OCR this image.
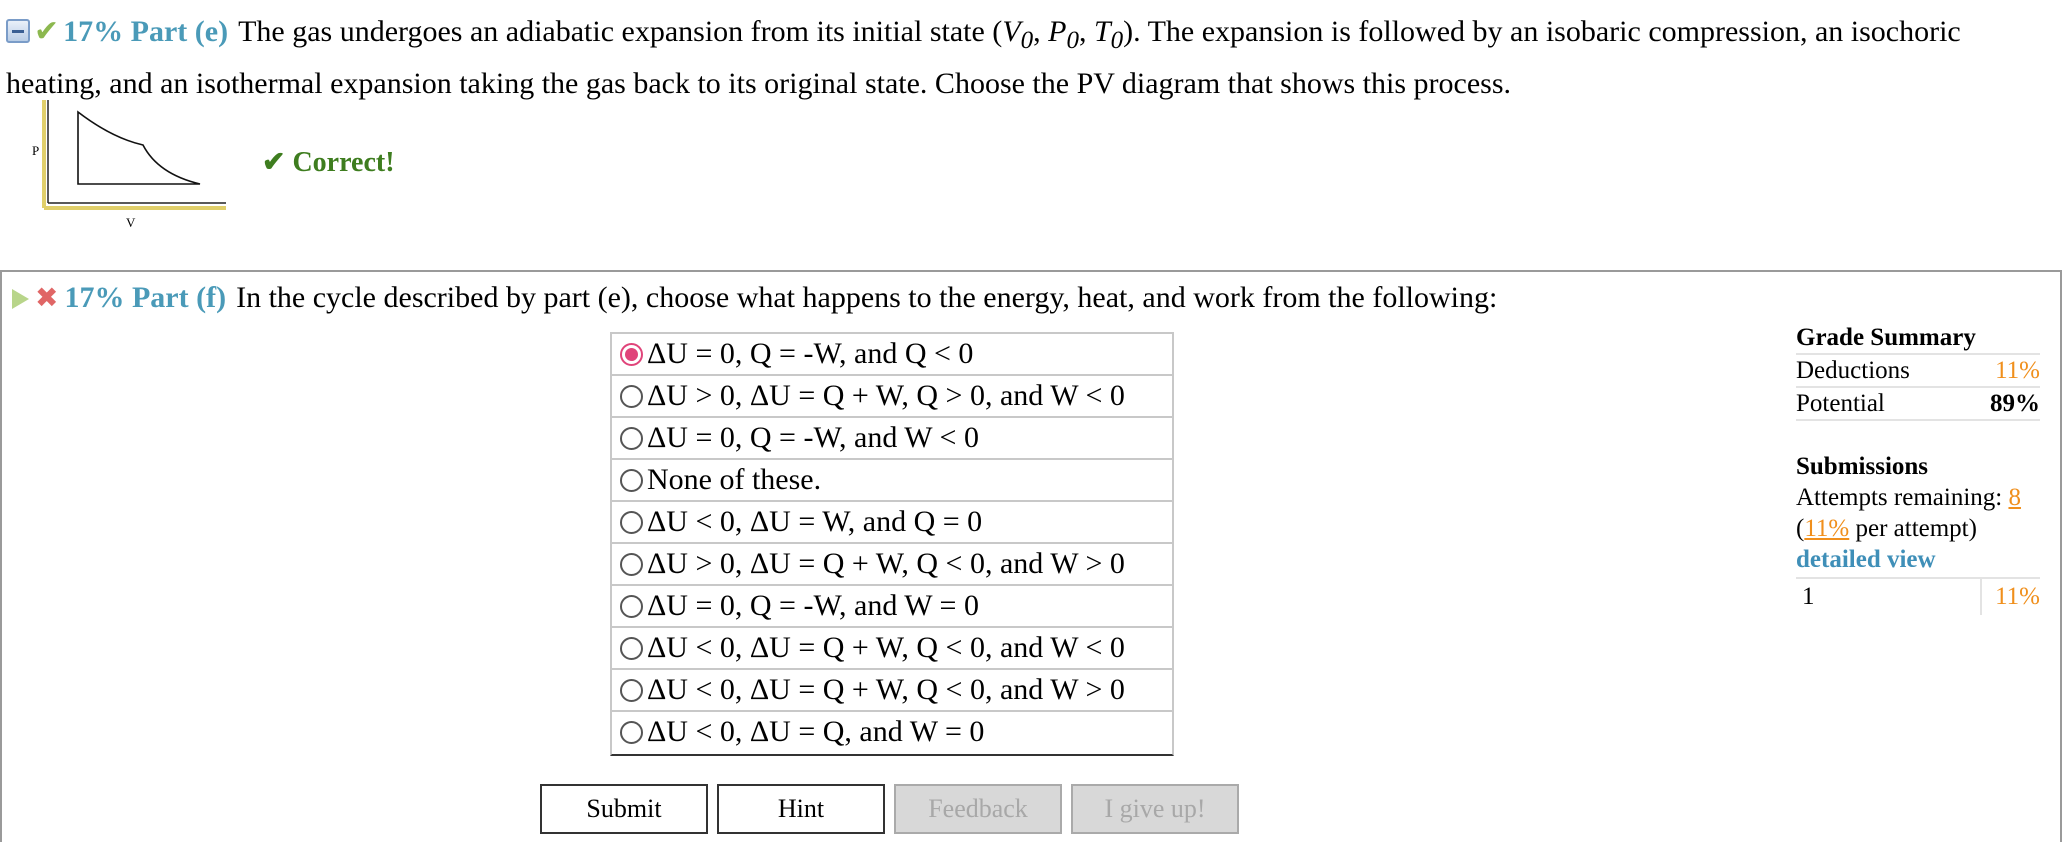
✔ 17% Part (e) The gas undergoes an adiabatic expansion from its initial state ($V_0$, $P_0$, $T_0$). The expansion is followed by an isobaric compression, an isochoric heating, and an isothermal expansion taking the gas back to its original state. Choose the PV diagram that shows this process.
P
V
✔ Correct!
✖ 17% Part (f) In the cycle described by part (e), choose what happens to the energy, heat, and work from the following:
ΔU = 0, Q = -W, and Q < 0
ΔU > 0, ΔU = Q + W, Q > 0, and W < 0
ΔU = 0, Q = -W, and W < 0
None of these.
ΔU < 0, ΔU = W, and Q = 0
ΔU > 0, ΔU = Q + W, Q < 0, and W > 0
ΔU = 0, Q = -W, and W = 0
ΔU < 0, ΔU = Q + W, Q < 0, and W < 0
ΔU < 0, ΔU = Q + W, Q < 0, and W > 0
ΔU < 0, ΔU = Q, and W = 0
Submit	Hint	Feedback	I give up!
Grade Summary
Deductions	11%
Potential	89%
Submissions
Attempts remaining: 8
(11% per attempt)
detailed view
1	11%
